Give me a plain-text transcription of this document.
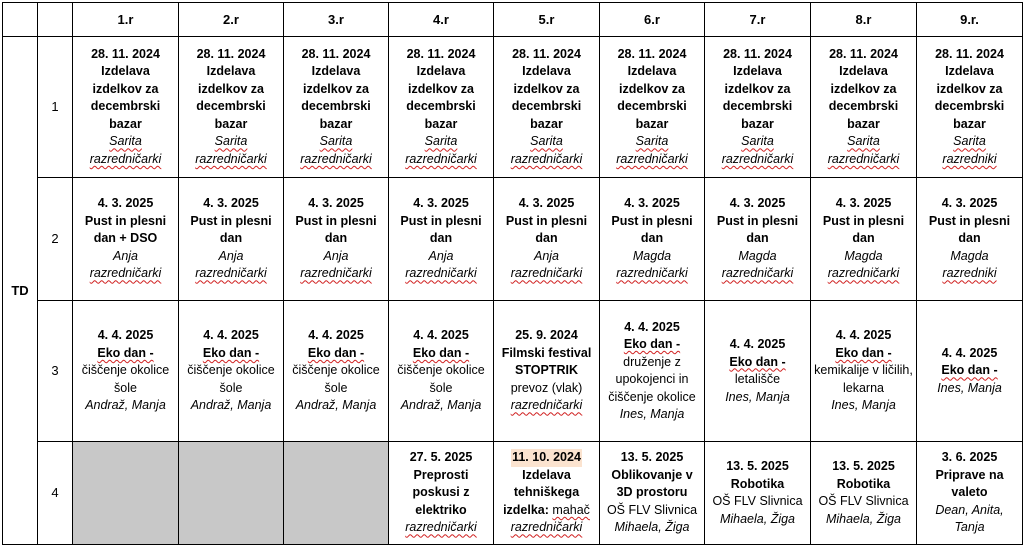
		1.r	2.r	3.r	4.r	5.r	6.r	7.r	8.r	9.r.
TD	1	28. 11. 2024
Izdelava izdelkov za decembrski bazar
Sarita
razredničarki	28. 11. 2024
Izdelava izdelkov za decembrski bazar
Sarita
razredničarki	28. 11. 2024
Izdelava izdelkov za decembrski bazar
Sarita
razredničarki	28. 11. 2024
Izdelava izdelkov za decembrski bazar
Sarita
razredničarki	28. 11. 2024
Izdelava izdelkov za decembrski bazar
Sarita
razredničarki	28. 11. 2024
Izdelava izdelkov za decembrski bazar
Sarita
razredničarki	28. 11. 2024
Izdelava izdelkov za decembrski bazar
Sarita
razredničarki	28. 11. 2024
Izdelava izdelkov za decembrski bazar
Sarita
razredničarki	28. 11. 2024
Izdelava izdelkov za decembrski bazar
Sarita
razredniki

	2	4. 3. 2025
Pust in plesni dan + DSO
Anja
razredničarki	4. 3. 2025
Pust in plesni dan
Anja
razredničarki	4. 3. 2025
Pust in plesni dan
Anja
razredničarki	4. 3. 2025
Pust in plesni dan
Anja
razredničarki	4. 3. 2025
Pust in plesni dan
Anja
razredničarki	4. 3. 2025
Pust in plesni dan
Magda
razredničarki	4. 3. 2025
Pust in plesni dan
Magda
razredničarki	4. 3. 2025
Pust in plesni dan
Magda
razredničarki	4. 3. 2025
Pust in plesni dan
Magda
razredniki

	3	4. 4. 2025
Eko dan -
čiščenje okolice šole
Andraž, Manja	4. 4. 2025
Eko dan -
čiščenje okolice šole
Andraž, Manja	4. 4. 2025
Eko dan -
čiščenje okolice šole
Andraž, Manja	4. 4. 2025
Eko dan -
čiščenje okolice šole
Andraž, Manja	25. 9. 2024
Filmski festival STOPTRIK
prevoz (vlak)
razredničarki	4. 4. 2025
Eko dan -
druženje z upokojenci in čiščenje okolice
Ines, Manja	4. 4. 2025
Eko dan -
letališče
Ines, Manja	4. 4. 2025
Eko dan -
kemikalije v ličilih, lekarna
Ines, Manja	4. 4. 2025
Eko dan -
Ines, Manja

	4				27. 5. 2025
Preprosti poskusi z elektriko
razredničarki	11. 10. 2024
Izdelava tehniškega izdelka: mahač
razredničarki	13. 5. 2025
Oblikovanje v 3D prostoru
OŠ FLV Slivnica
Mihaela, Žiga	13. 5. 2025
Robotika
OŠ FLV Slivnica
Mihaela, Žiga	13. 5. 2025
Robotika
OŠ FLV Slivnica
Mihaela, Žiga	3. 6. 2025
Priprave na valeto
Dean, Anita, Tanja
